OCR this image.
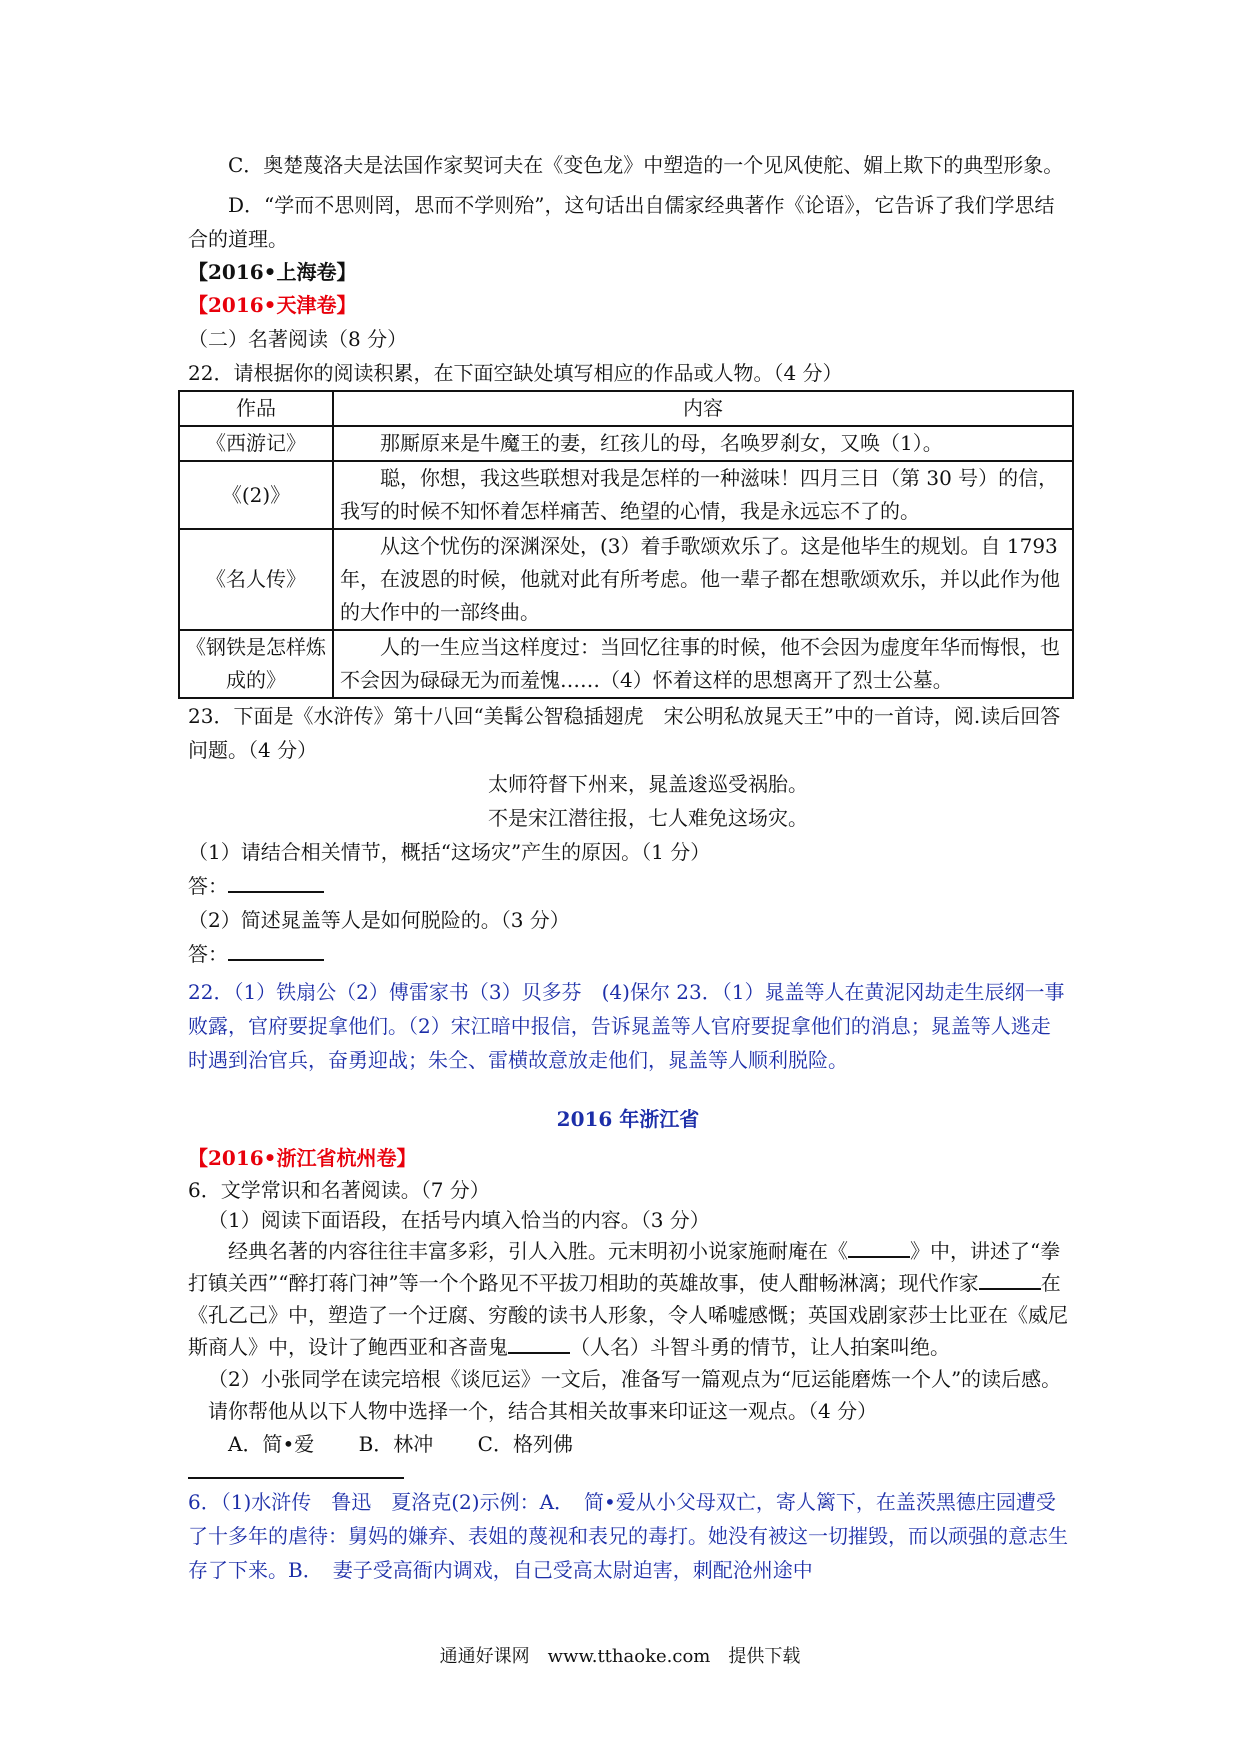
C．奥楚蔑洛夫是法国作家契诃夫在《变色龙》中塑造的一个见风使舵、媚上欺下的典型形象。

D．“学而不思则罔，思而不学则殆”，这句话出自儒家经典著作《论语》，它告诉了我们学思结合的道理。

【2016•上海卷】

【2016•天津卷】

（二）名著阅读（8 分）

22．请根据你的阅读积累，在下面空缺处填写相应的作品或人物。（4 分）

作品	内容
《西游记》	那厮原来是牛魔王的妻，红孩儿的母，名唤罗刹女，又唤（1）。
《(2)》	聪，你想，我这些联想对我是怎样的一种滋味！四月三日（第 30 号）的信，我写的时候不知怀着怎样痛苦、绝望的心情，我是永远忘不了的。
《名人传》	从这个忧伤的深渊深处，(3）着手歌颂欢乐了。这是他毕生的规划。自 1793 年，在波恩的时候，他就对此有所考虑。他一辈子都在想歌颂欢乐，并以此作为他的大作中的一部终曲。
《钢铁是怎样炼成的》	人的一生应当这样度过：当回忆往事的时候，他不会因为虚度年华而悔恨，也不会因为碌碌无为而羞愧……（4）怀着这样的思想离开了烈士公墓。

23．下面是《水浒传》第十八回“美髯公智稳插翅虎　宋公明私放晁天王”中的一首诗，阅.读后回答问题。（4 分）

太师符督下州来，晁盖逡巡受祸胎。

不是宋江潜往报，七人难免这场灾。

（1）请结合相关情节，概括“这场灾”产生的原因。（1 分）

答：

（2）简述晁盖等人是如何脱险的。（3 分）

答：

22．（1）铁扇公（2）傅雷家书（3）贝多芬　(4)保尔 23．（1）晁盖等人在黄泥冈劫走生辰纲一事败露，官府要捉拿他们。（2）宋江暗中报信，告诉晁盖等人官府要捉拿他们的消息；晁盖等人逃走时遇到治官兵，奋勇迎战；朱仝、雷横故意放走他们，晁盖等人顺利脱险。

2016 年浙江省

【2016•浙江省杭州卷】

6．文学常识和名著阅读。（7 分）

（1）阅读下面语段，在括号内填入恰当的内容。（3 分）

经典名著的内容往往丰富多彩，引人入胜。元末明初小说家施耐庵在《	》中，讲述了“拳打镇关西”“醉打蒋门神”等一个个路见不平拔刀相助的英雄故事，使人酣畅淋漓；现代作家	在《孔乙己》中，塑造了一个迂腐、穷酸的读书人形象，令人唏嘘感慨；英国戏剧家莎士比亚在《威尼斯商人》中，设计了鲍西亚和吝啬鬼	（人名）斗智斗勇的情节，让人拍案叫绝。

（2）小张同学在读完培根《谈厄运》一文后，准备写一篇观点为“厄运能磨炼一个人”的读后感。请你帮他从以下人物中选择一个，结合其相关故事来印证这一观点。（4 分）

A．简•爱 B．林冲 C．格列佛

6．（1)水浒传　鲁迅　夏洛克(2)示例：A．　简•爱从小父母双亡，寄人篱下，在盖茨黑德庄园遭受了十多年的虐待：舅妈的嫌弃、表姐的蔑视和表兄的毒打。她没有被这一切摧毁，而以顽强的意志生存了下来。B．　妻子受高衙内调戏，自己受高太尉迫害，刺配沧州途中

通通好课网　www.tthaoke.com　提供下载
